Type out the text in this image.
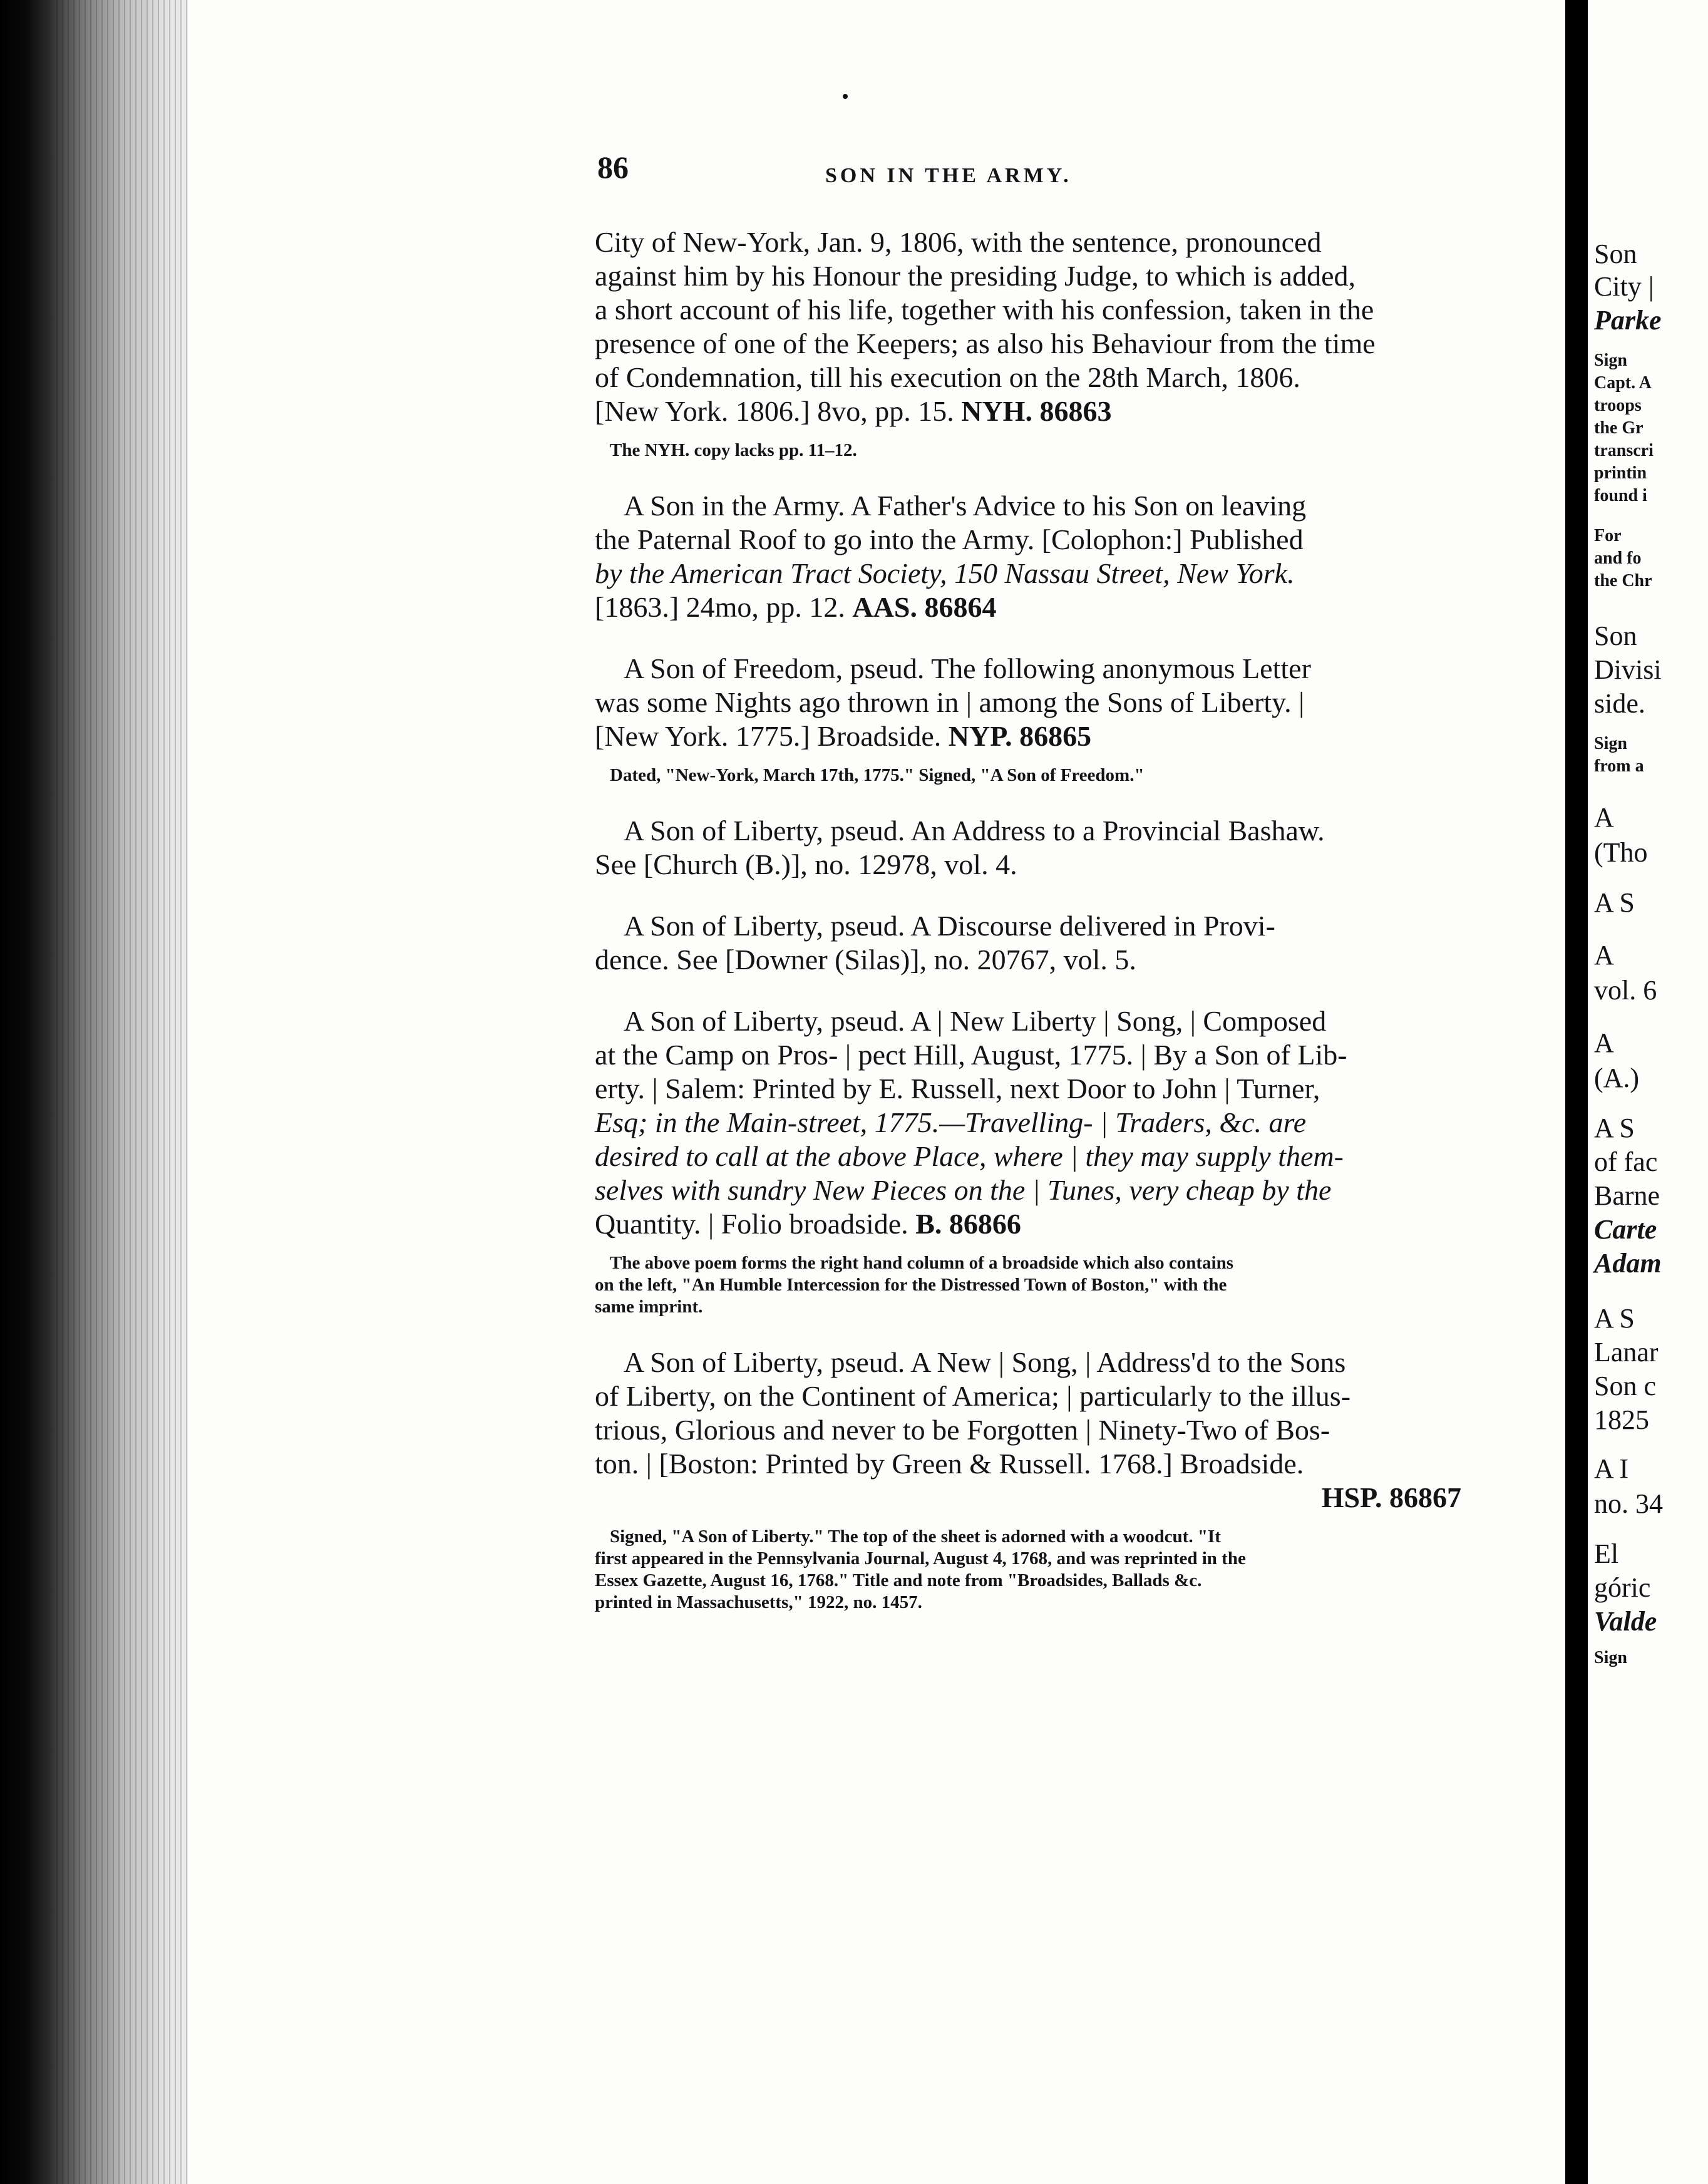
86	SON IN THE ARMY.
City of New-York, Jan. 9, 1806, with the sentence, pronounced
against him by his Honour the presiding Judge, to which is added,
a short account of his life, together with his confession, taken in the
presence of one of the Keepers; as also his Behaviour from the time
of Condemnation, till his execution on the 28th March, 1806.
[New York. 1806.] 8vo, pp. 15. NYH. 86863
The NYH. copy lacks pp. 11–12.
A Son in the Army. A Father's Advice to his Son on leaving
the Paternal Roof to go into the Army. [Colophon:] Published
by the American Tract Society, 150 Nassau Street, New York.
[1863.] 24mo, pp. 12. AAS. 86864
A Son of Freedom, pseud. The following anonymous Letter
was some Nights ago thrown in | among the Sons of Liberty. |
[New York. 1775.] Broadside. NYP. 86865
Dated, "New-York, March 17th, 1775." Signed, "A Son of Freedom."
A Son of Liberty, pseud. An Address to a Provincial Bashaw.
See [Church (B.)], no. 12978, vol. 4.
A Son of Liberty, pseud. A Discourse delivered in Provi-
dence. See [Downer (Silas)], no. 20767, vol. 5.
A Son of Liberty, pseud. A | New Liberty | Song, | Composed
at the Camp on Pros- | pect Hill, August, 1775. | By a Son of Lib-
erty. | Salem: Printed by E. Russell, next Door to John | Turner,
Esq; in the Main-street, 1775.—Travelling- | Traders, &c. are
desired to call at the above Place, where | they may supply them-
selves with sundry New Pieces on the | Tunes, very cheap by the
Quantity. | Folio broadside. B. 86866
The above poem forms the right hand column of a broadside which also contains
on the left, "An Humble Intercession for the Distressed Town of Boston," with the
same imprint.
A Son of Liberty, pseud. A New | Song, | Address'd to the Sons
of Liberty, on the Continent of America; | particularly to the illus-
trious, Glorious and never to be Forgotten | Ninety-Two of Bos-
ton. | [Boston: Printed by Green & Russell. 1768.] Broadside.
HSP. 86867
Signed, "A Son of Liberty." The top of the sheet is adorned with a woodcut. "It
first appeared in the Pennsylvania Journal, August 4, 1768, and was reprinted in the
Essex Gazette, August 16, 1768." Title and note from "Broadsides, Ballads &c.
printed in Massachusetts," 1922, no. 1457.
Son
City |
Parke
Sign
Capt. A
troops
the Gr
transcri
printin
found i
For
and fo
the Chr
Son
Divisi
side.
Sign
from a
A
(Tho
A S
A
vol. 6
A
(A.)
A S
of fac
Barne
Carte
Adam
A S
Lanar
Son c
1825
A I
no. 34
El
góric
Valde
Sign
